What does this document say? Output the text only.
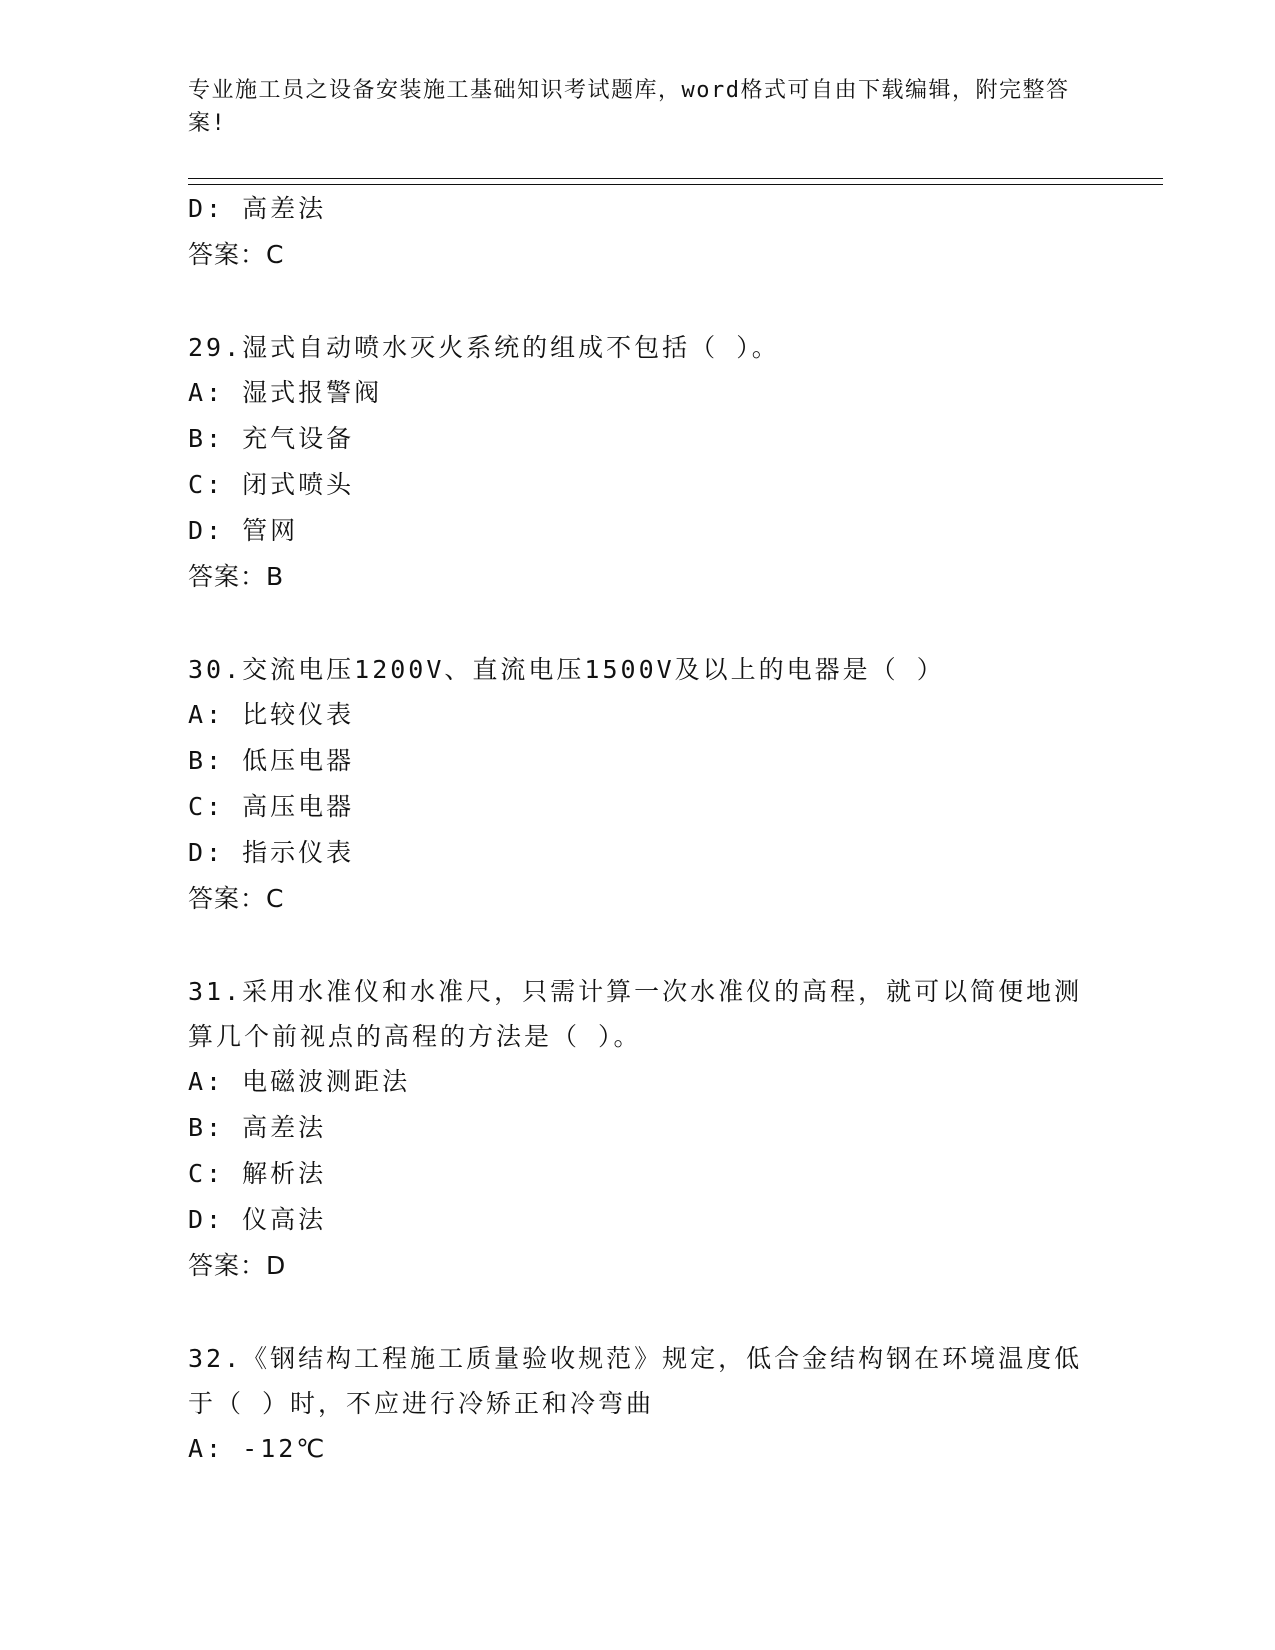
专业施工员之设备安装施工基础知识考试题库，word格式可自由下载编辑，附完整答案!
D: 高差法
答案：C
29.湿式自动喷水灭火系统的组成不包括（ ）。
A: 湿式报警阀
B: 充气设备
C: 闭式喷头
D: 管网
答案：B
30.交流电压1200V、直流电压1500V及以上的电器是（ ）
A: 比较仪表
B: 低压电器
C: 高压电器
D: 指示仪表
答案：C
31.采用水准仪和水准尺，只需计算一次水准仪的高程，就可以简便地测算几个前视点的高程的方法是（ ）。
A: 电磁波测距法
B: 高差法
C: 解析法
D: 仪高法
答案：D
32.《钢结构工程施工质量验收规范》规定，低合金结构钢在环境温度低于（ ）时，不应进行冷矫正和冷弯曲
A: -12℃
